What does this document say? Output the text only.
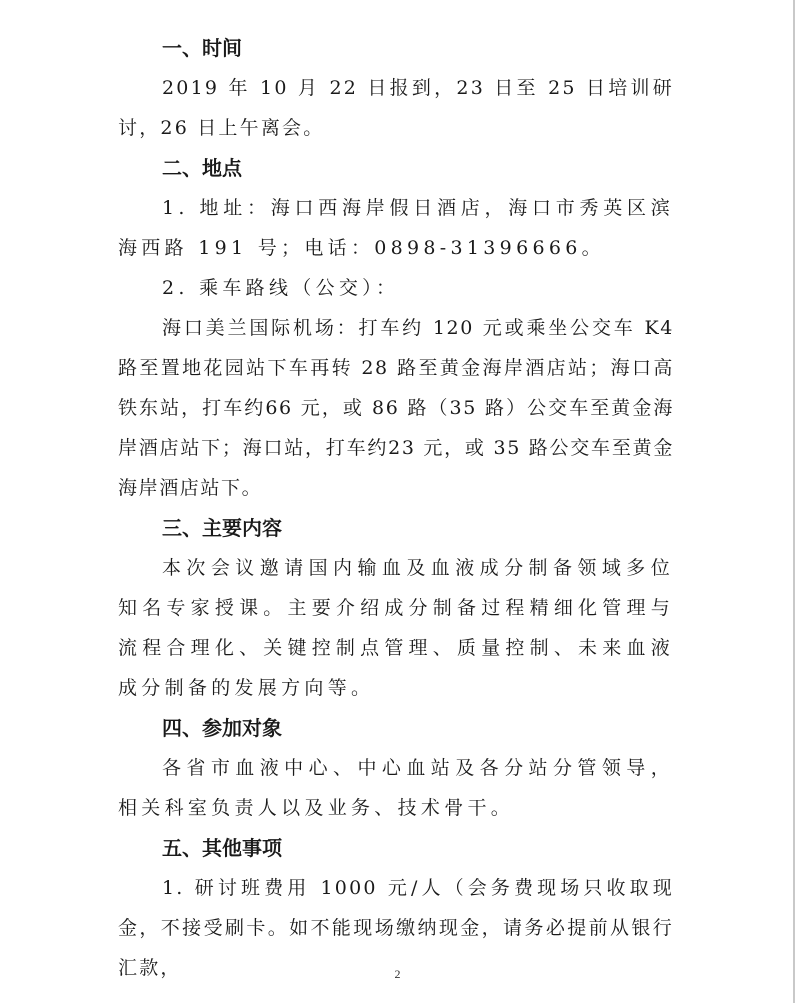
一、时间

2019 年 10 月 22 日报到，23 日至 25 日培训研讨，26 日上午离会。

二、地点

1. 地址：海口西海岸假日酒店，海口市秀英区滨海西路 191 号；电话：0898-31396666。

2. 乘车路线（公交）：

海口美兰国际机场：打车约 120 元或乘坐公交车 K4 路至置地花园站下车再转 28 路至黄金海岸酒店站；海口高铁东站，打车约66 元，或 86 路（35 路）公交车至黄金海岸酒店站下；海口站，打车约23 元，或 35 路公交车至黄金海岸酒店站下。

三、主要内容

本次会议邀请国内输血及血液成分制备领域多位知名专家授课。主要介绍成分制备过程精细化管理与流程合理化、关键控制点管理、质量控制、未来血液成分制备的发展方向等。

四、参加对象

各省市血液中心、中心血站及各分站分管领导，相关科室负责人以及业务、技术骨干。

五、其他事项

1. 研讨班费用 1000 元/人（会务费现场只收取现金，不接受刷卡。如不能现场缴纳现金，请务必提前从银行汇款，	2
